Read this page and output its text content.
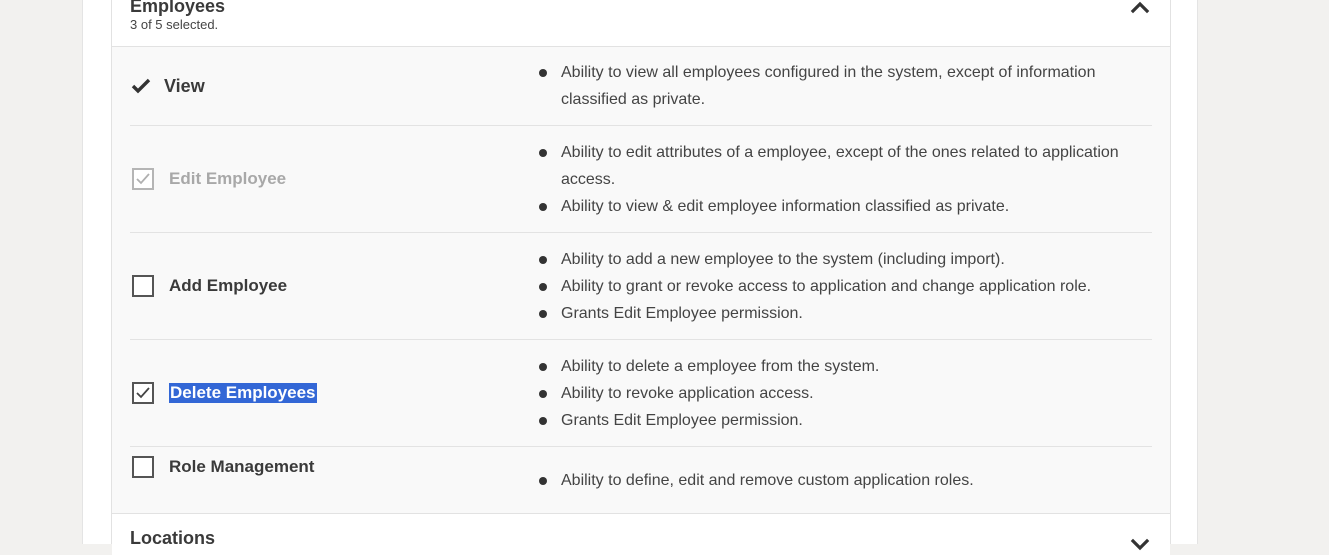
Employees
3 of 5 selected.
View
Ability to view all employees configured in the system, except of information classified as private.
Edit Employee
Ability to edit attributes of a employee, except of the ones related to application access.
Ability to view & edit employee information classified as private.
Add Employee
Ability to add a new employee to the system (including import).
Ability to grant or revoke access to application and change application role.
Grants Edit Employee permission.
Delete Employees
Ability to delete a employee from the system.
Ability to revoke application access.
Grants Edit Employee permission.
Role Management
Ability to define, edit and remove custom application roles.
Locations
